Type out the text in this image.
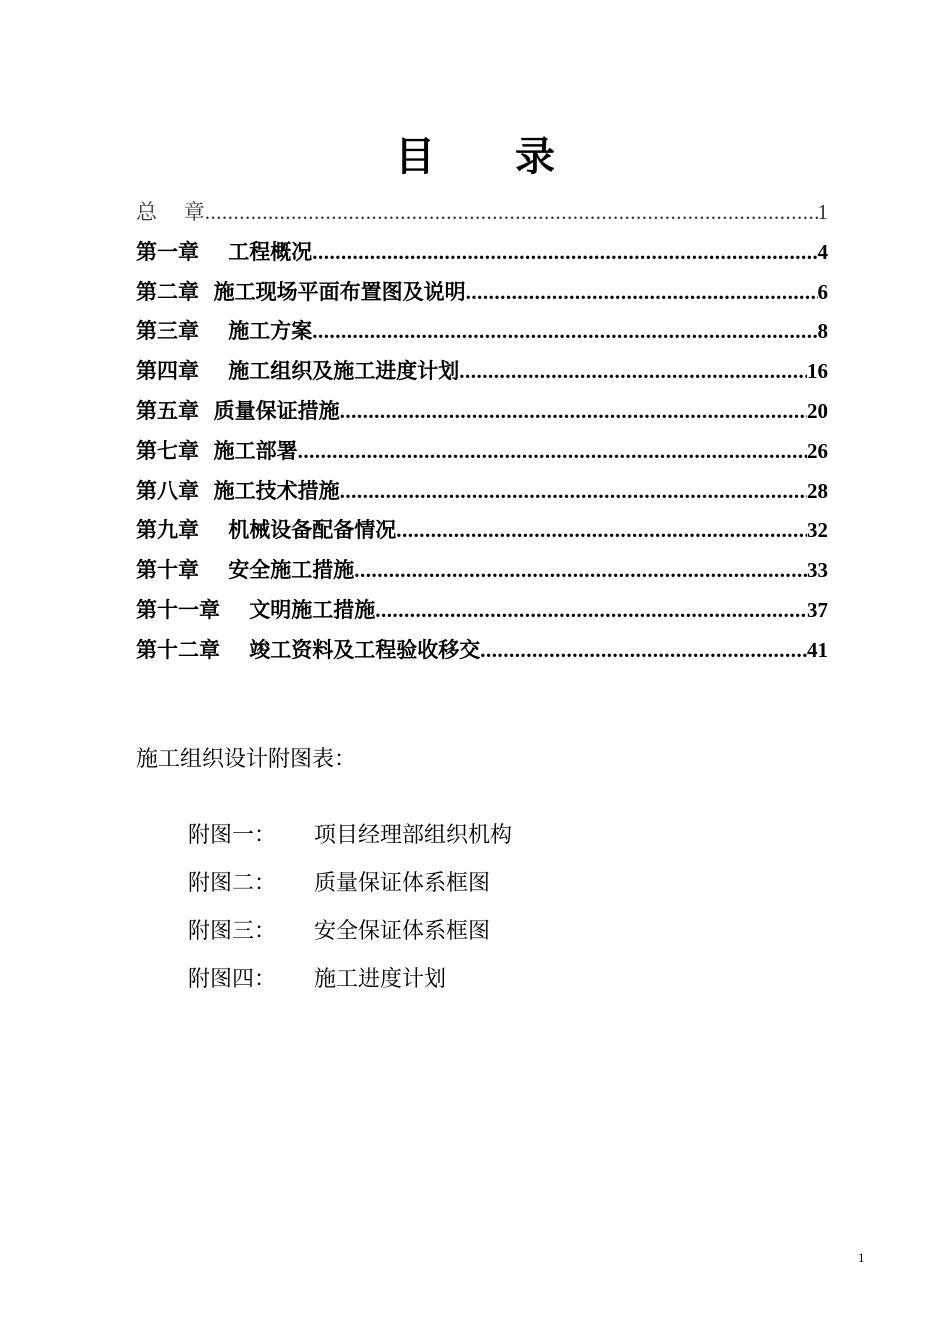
目录
总    章 .....	1
第一章    工程概况 .....	4
第二章  施工现场平面布置图及说明 .....	6
第三章    施工方案 .....	8
第四章    施工组织及施工进度计划 .....	16
第五章  质量保证措施 .....	20
第七章  施工部署 .....	26
第八章  施工技术措施 .....	28
第九章    机械设备配备情况 .....	32
第十章    安全施工措施 .....	33
第十一章    文明施工措施 .....	37
第十二章    竣工资料及工程验收移交 .....	41
施工组织设计附图表：
附图一：	项目经理部组织机构
附图二：	质量保证体系框图
附图三：	安全保证体系框图
附图四：	施工进度计划
1
